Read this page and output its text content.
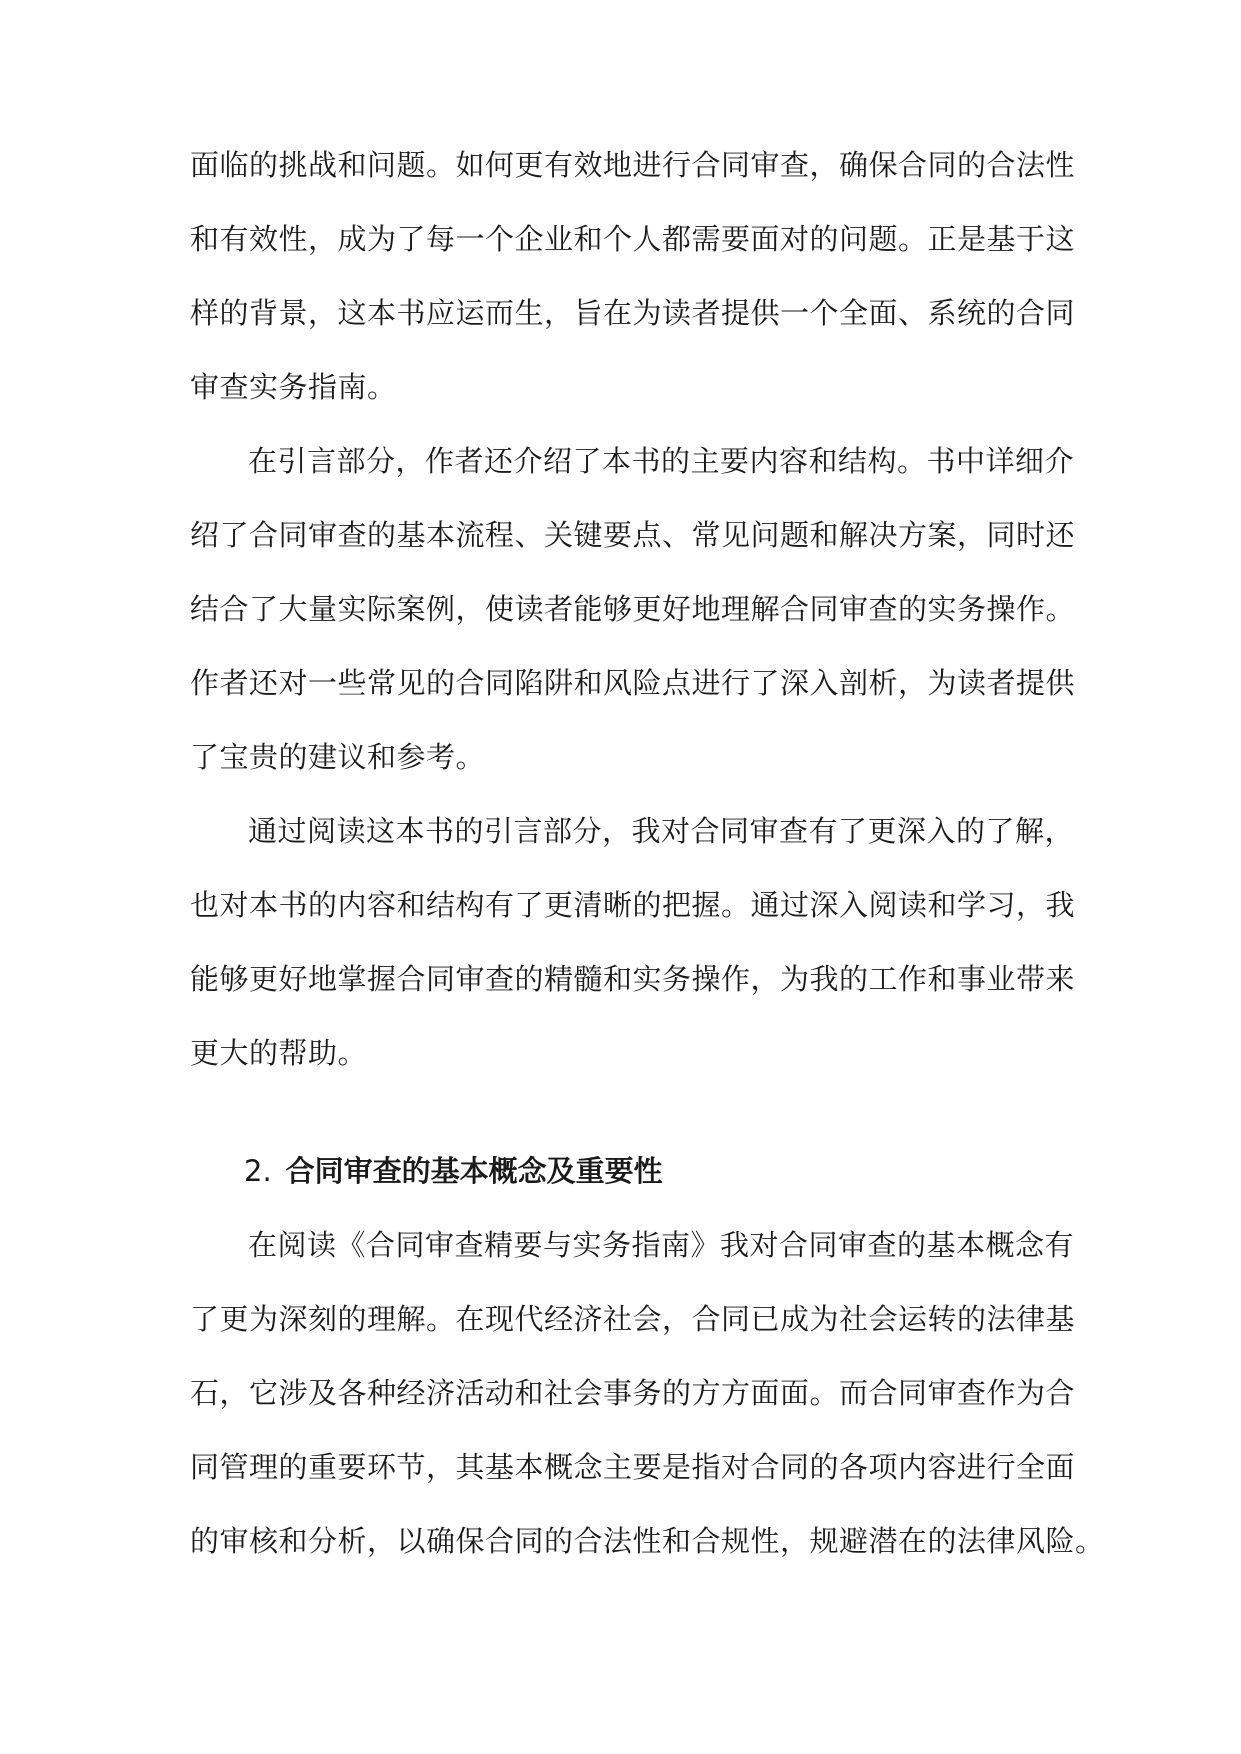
面临的挑战和问题。如何更有效地进行合同审查，确保合同的合法性
和有效性，成为了每一个企业和个人都需要面对的问题。正是基于这
样的背景，这本书应运而生，旨在为读者提供一个全面、系统的合同
审查实务指南。
在引言部分，作者还介绍了本书的主要内容和结构。书中详细介
绍了合同审查的基本流程、关键要点、常见问题和解决方案，同时还
结合了大量实际案例，使读者能够更好地理解合同审查的实务操作。
作者还对一些常见的合同陷阱和风险点进行了深入剖析，为读者提供
了宝贵的建议和参考。
通过阅读这本书的引言部分，我对合同审查有了更深入的了解，
也对本书的内容和结构有了更清晰的把握。通过深入阅读和学习，我
能够更好地掌握合同审查的精髓和实务操作，为我的工作和事业带来
更大的帮助。
2. 合同审查的基本概念及重要性
在阅读《合同审查精要与实务指南》我对合同审查的基本概念有
了更为深刻的理解。在现代经济社会，合同已成为社会运转的法律基
石，它涉及各种经济活动和社会事务的方方面面。而合同审查作为合
同管理的重要环节，其基本概念主要是指对合同的各项内容进行全面
的审核和分析，以确保合同的合法性和合规性，规避潜在的法律风险。
